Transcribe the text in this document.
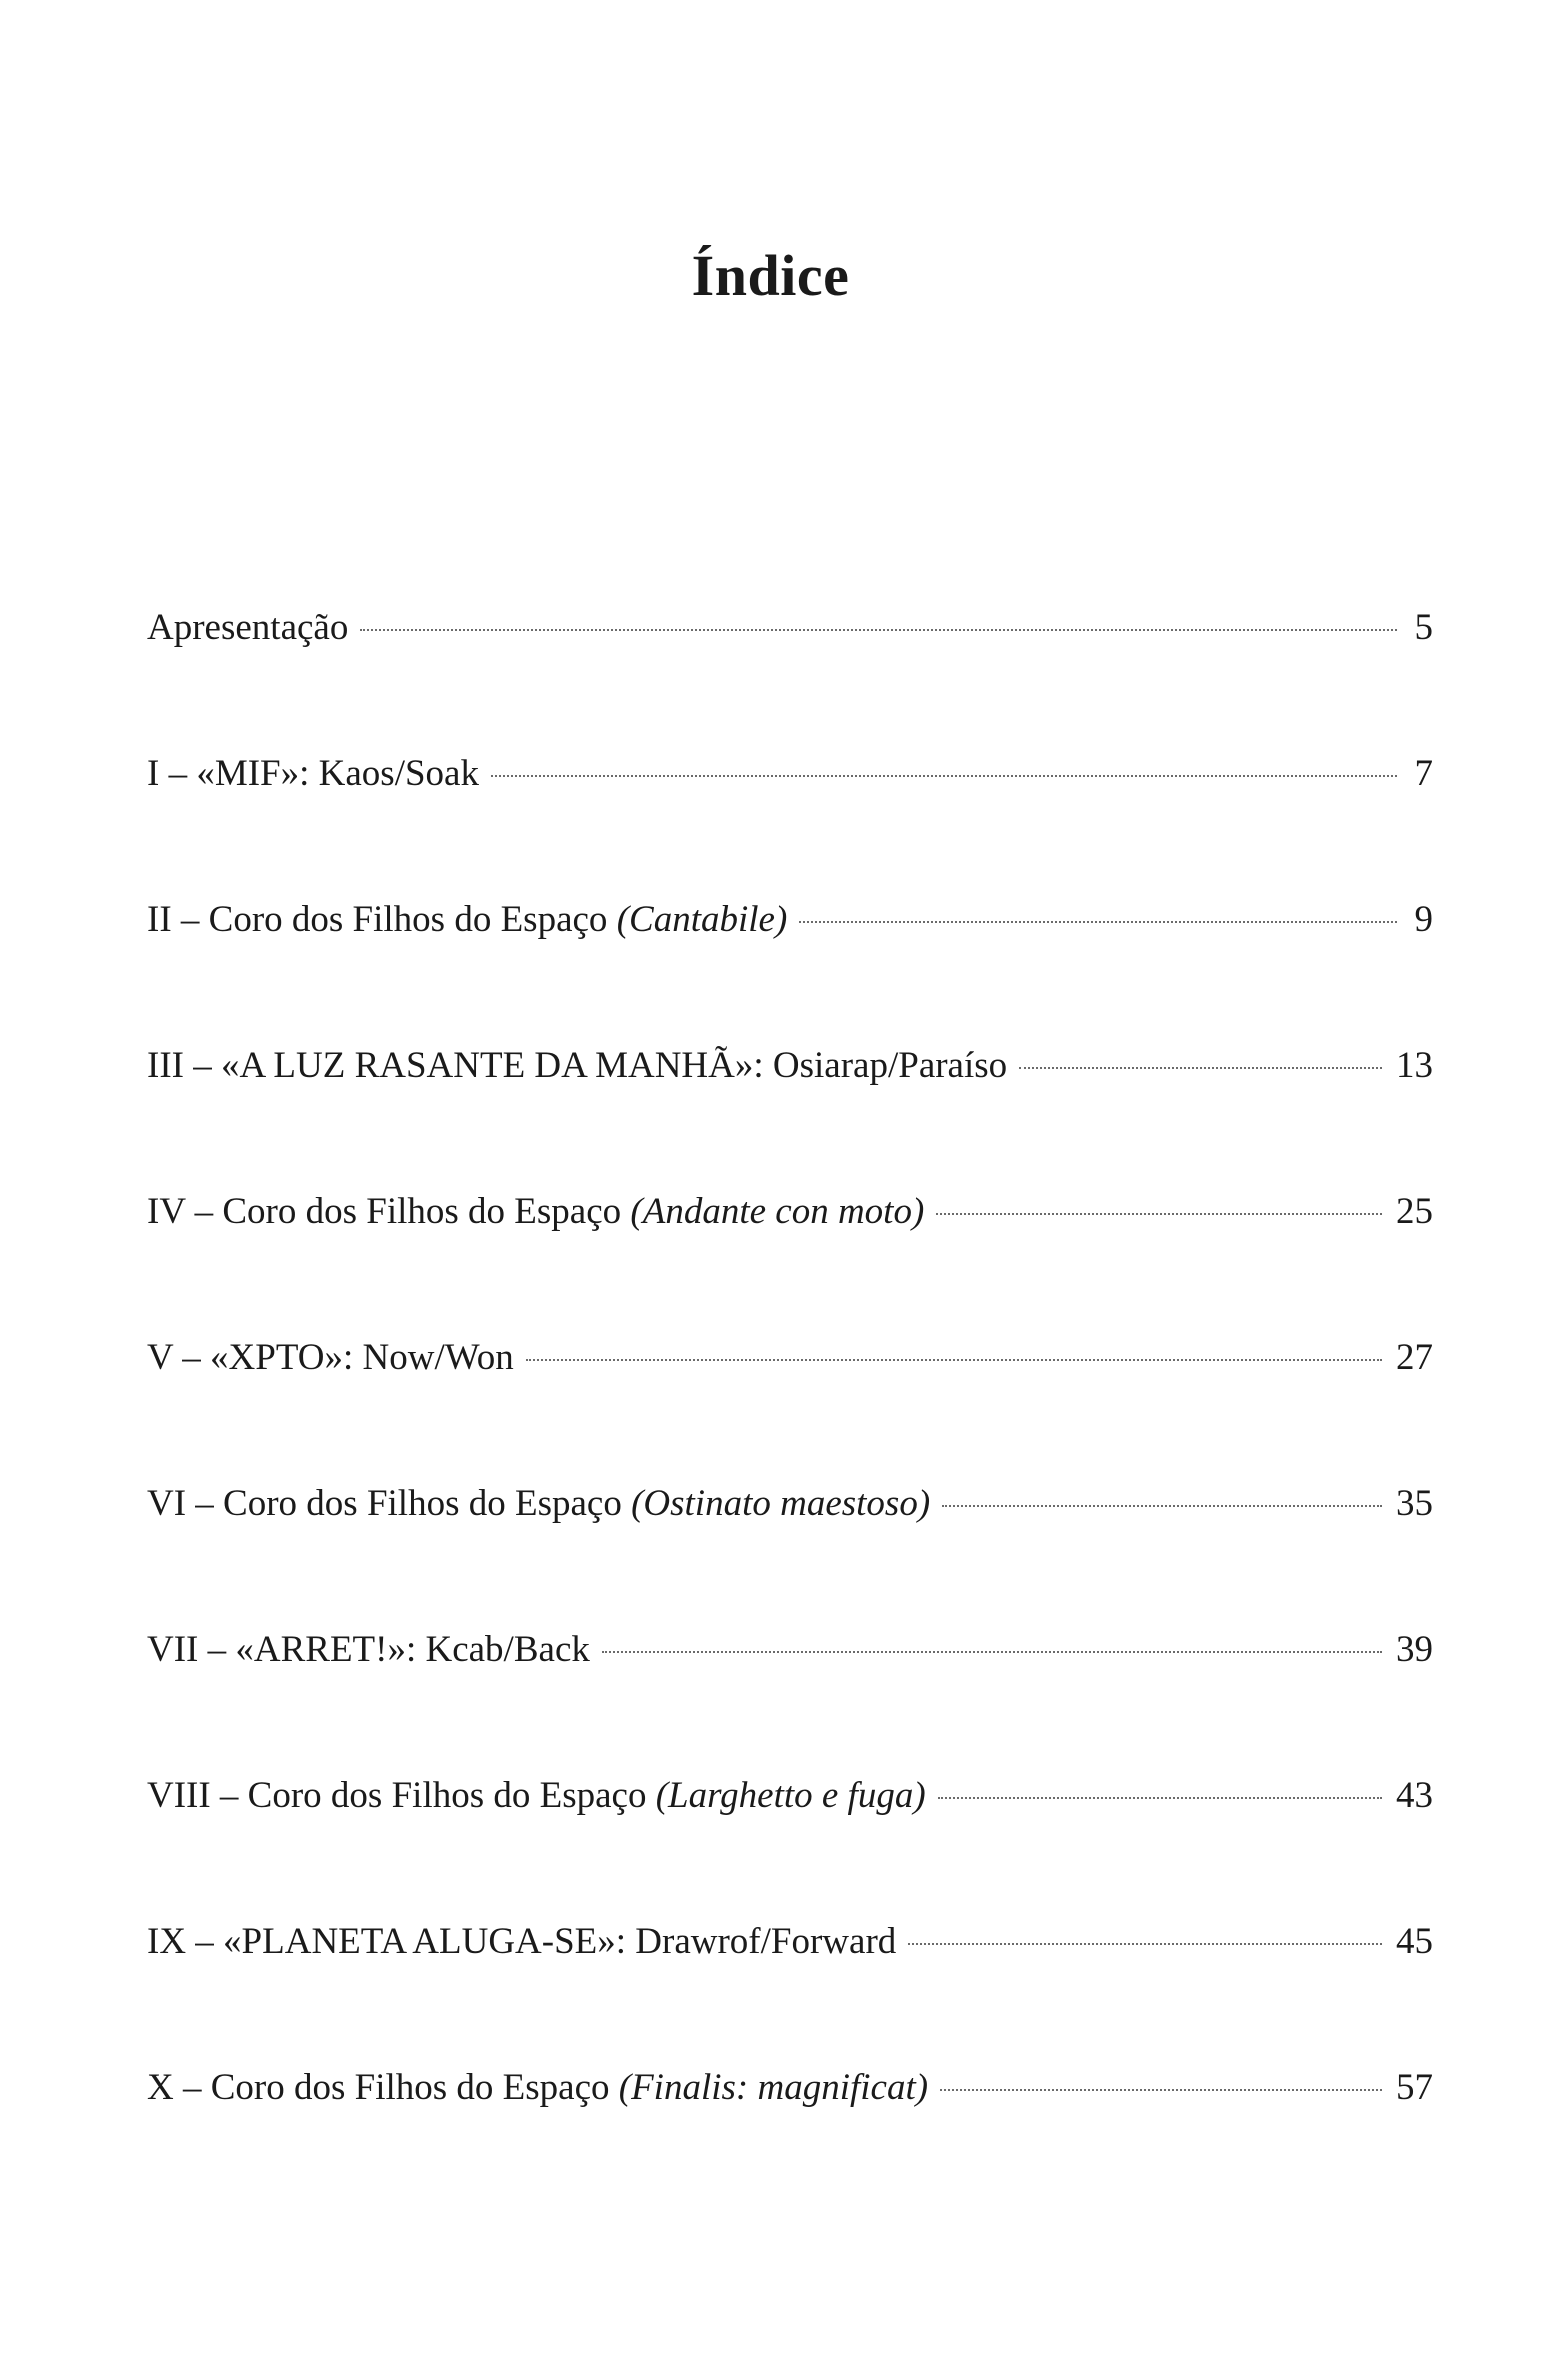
Índice
Apresentação	5
I – «MIF»: Kaos/Soak	7
II – Coro dos Filhos do Espaço (Cantabile)	9
III – «A LUZ RASANTE DA MANHÃ»: Osiarap/Paraíso	13
IV – Coro dos Filhos do Espaço (Andante con moto)	25
V – «XPTO»: Now/Won	27
VI – Coro dos Filhos do Espaço (Ostinato maestoso)	35
VII – «ARRET!»: Kcab/Back	39
VIII – Coro dos Filhos do Espaço (Larghetto e fuga)	43
IX – «PLANETA ALUGA-SE»: Drawrof/Forward	45
X – Coro dos Filhos do Espaço (Finalis: magnificat)	57
